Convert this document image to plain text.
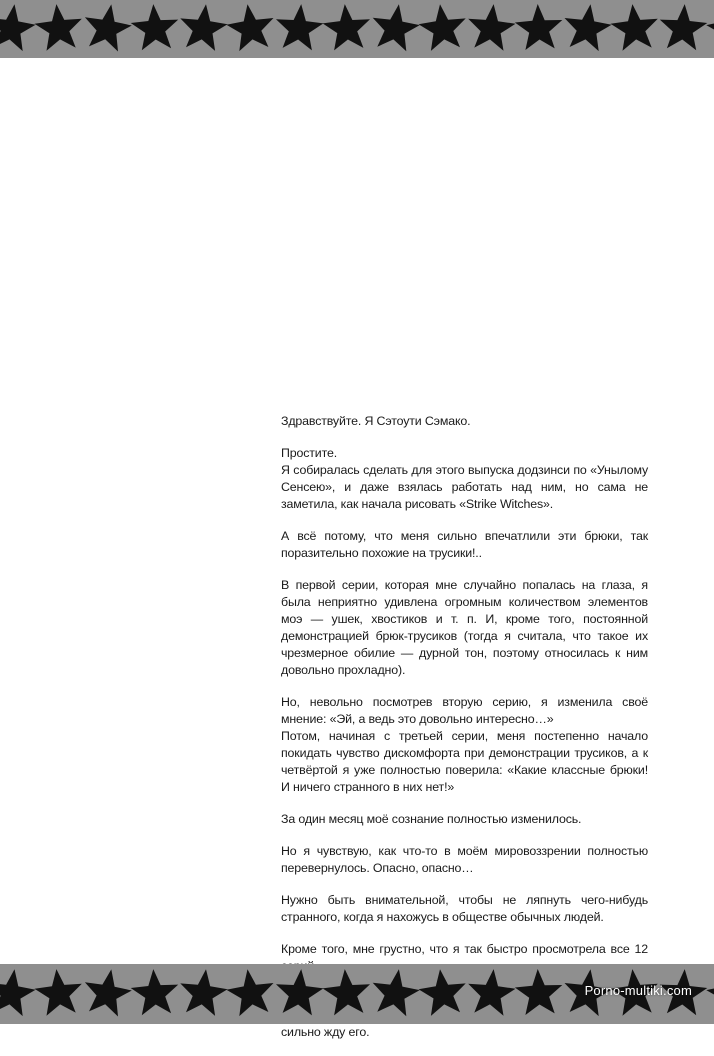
Здравствуйте. Я Сэтоути Сэмако.

Простите.
Я собиралась сделать для этого выпуска додзинси по «Унылому Сенсею», и даже взялась работать над ним, но сама не заметила, как начала рисовать «Strike Witches».

А всё потому, что меня сильно впечатлили эти брюки, так поразительно похожие на трусики!..

В первой серии, которая мне случайно попалась на глаза, я была неприятно удивлена огромным количеством элементов моэ — ушек, хвостиков и т. п. И, кроме того, постоянной демонстрацией брюк-трусиков (тогда я считала, что такое их чрезмерное обилие — дурной тон, поэтому относилась к ним довольно прохладно).

Но, невольно посмотрев вторую серию, я изменила своё мнение: «Эй, а ведь это довольно интересно…»
Потом, начиная с третьей серии, меня постепенно начало покидать чувство дискомфорта при демонстрации трусиков, а к четвёртой я уже полностью поверила: «Какие классные брюки! И ничего странного в них нет!»

За один месяц моё сознание полностью изменилось.

Но я чувствую, как что-то в моём мировоззрении полностью перевернулось. Опасно, опасно…

Нужно быть внимательной, чтобы не ляпнуть чего-нибудь странного, когда я нахожусь в обществе обычных людей.

Кроме того, мне грустно, что я так быстро просмотрела все 12

сильно жду его.

Porno-multiki.com
